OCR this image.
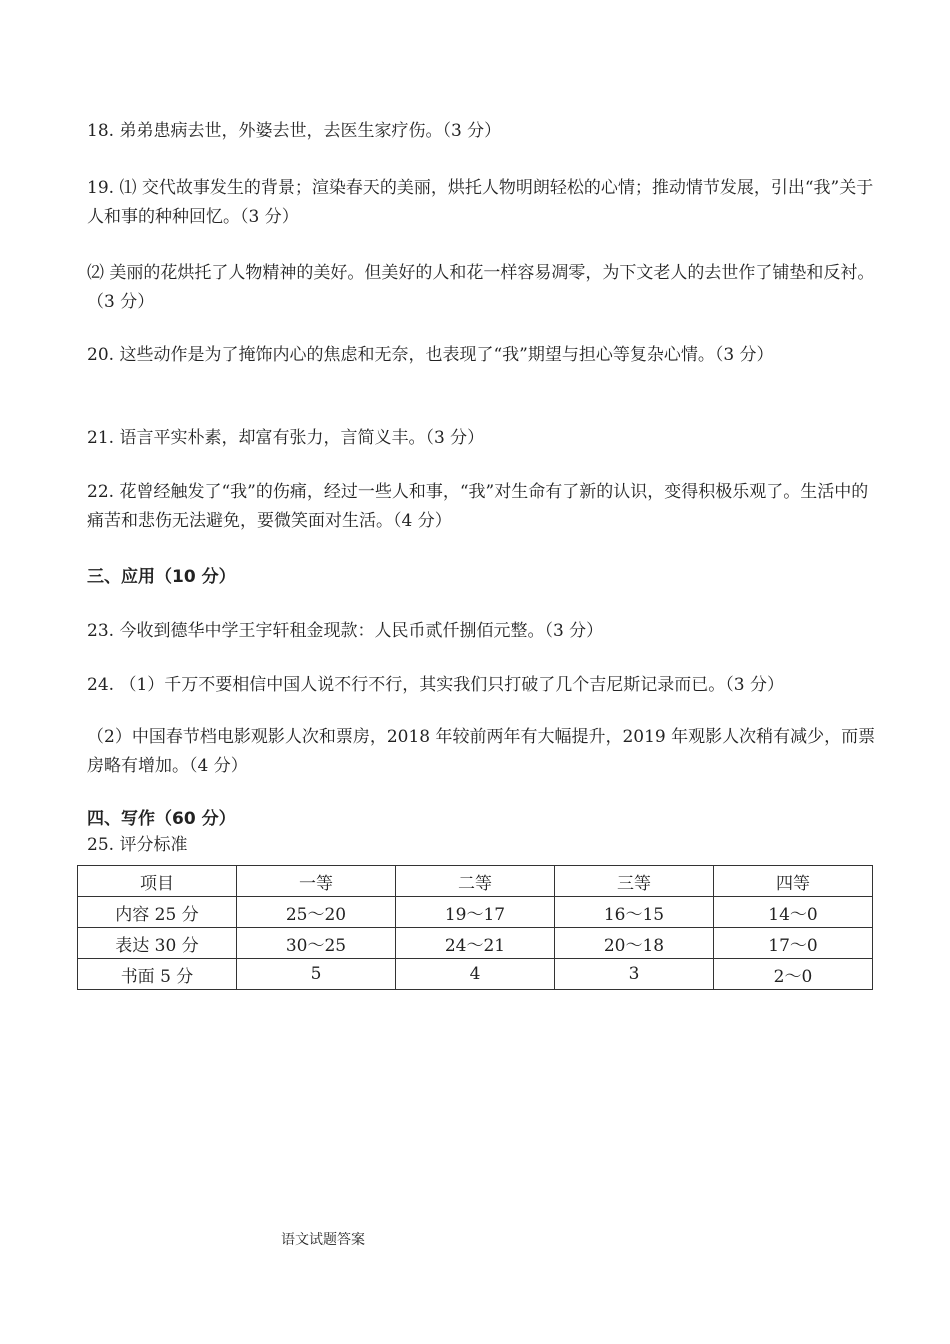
18. 弟弟患病去世，外婆去世，去医生家疗伤。（3 分）

19. ⑴ 交代故事发生的背景；渲染春天的美丽，烘托人物明朗轻松的心情；推动情节发展，引出“我”关于人和事的种种回忆。（3 分）

⑵ 美丽的花烘托了人物精神的美好。但美好的人和花一样容易凋零，为下文老人的去世作了铺垫和反衬。（3 分）

20. 这些动作是为了掩饰内心的焦虑和无奈，也表现了“我”期望与担心等复杂心情。（3 分）

21. 语言平实朴素，却富有张力，言简义丰。（3 分）

22. 花曾经触发了“我”的伤痛，经过一些人和事，“我”对生命有了新的认识，变得积极乐观了。生活中的痛苦和悲伤无法避免，要微笑面对生活。（4 分）

三、应用（10 分）

23. 今收到德华中学王宇轩租金现款：人民币贰仟捌佰元整。（3 分）

24. （1）千万不要相信中国人说不行不行，其实我们只打破了几个吉尼斯记录而已。（3 分）

（2）中国春节档电影观影人次和票房，2018 年较前两年有大幅提升，2019 年观影人次稍有减少，而票房略有增加。（4 分）

四、写作（60 分）

25. 评分标准

项目	一等	二等	三等	四等
内容 25 分	25～20	19～17	16～15	14～0
表达 30 分	30～25	24～21	20～18	17～0
书面 5 分	5	4	3	2～0
语文试题答案
